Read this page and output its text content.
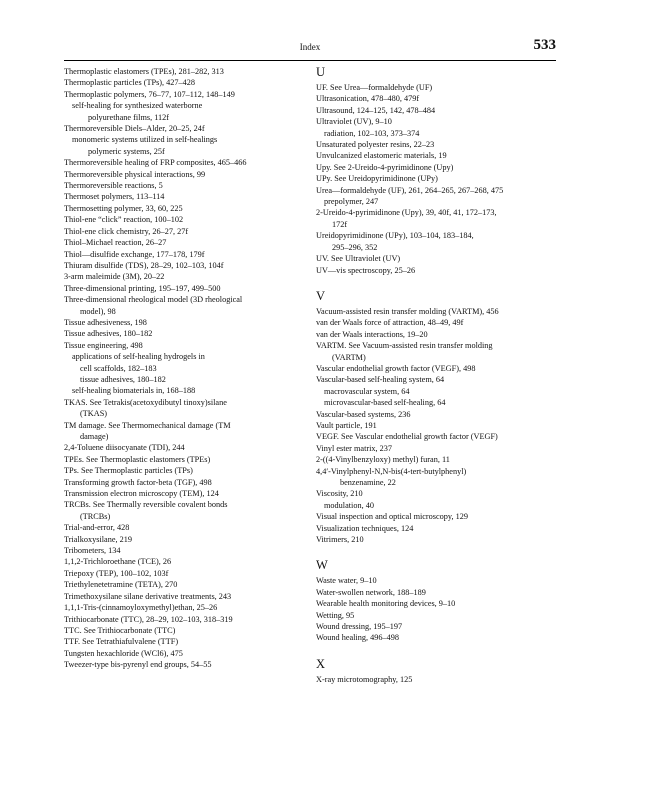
Index	533
Thermoplastic elastomers (TPEs), 281–282, 313
Thermoplastic particles (TPs), 427–428
Thermoplastic polymers, 76–77, 107–112, 148–149
self-healing for synthesized waterborne
polyurethane films, 112f
Thermoreversible Diels–Alder, 20–25, 24f
monomeric systems utilized in self-healings
polymeric systems, 25f
Thermoreversible healing of FRP composites, 465–466
Thermoreversible physical interactions, 99
Thermoreversible reactions, 5
Thermoset polymers, 113–114
Thermosetting polymer, 33, 60, 225
Thiol-ene “click” reaction, 100–102
Thiol-ene click chemistry, 26–27, 27f
Thiol–Michael reaction, 26–27
Thiol—disulfide exchange, 177–178, 179f
Thiuram disulfide (TDS), 28–29, 102–103, 104f
3-arm maleimide (3M), 20–22
Three-dimensional printing, 195–197, 499–500
Three-dimensional rheological model (3D rheological
model), 98
Tissue adhesiveness, 198
Tissue adhesives, 180–182
Tissue engineering, 498
applications of self-healing hydrogels in
cell scaffolds, 182–183
tissue adhesives, 180–182
self-healing biomaterials in, 168–188
TKAS. See Tetrakis(acetoxydibutyl tinoxy)silane
(TKAS)
TM damage. See Thermomechanical damage (TM
damage)
2,4-Toluene diisocyanate (TDI), 244
TPEs. See Thermoplastic elastomers (TPEs)
TPs. See Thermoplastic particles (TPs)
Transforming growth factor-beta (TGF), 498
Transmission electron microscopy (TEM), 124
TRCBs. See Thermally reversible covalent bonds
(TRCBs)
Trial-and-error, 428
Trialkoxysilane, 219
Tribometers, 134
1,1,2-Trichloroethane (TCE), 26
Triepoxy (TEP), 100–102, 103f
Triethylenetetramine (TETA), 270
Trimethoxysilane silane derivative treatments, 243
1,1,1-Tris-(cinnamoyloxymethyl)ethan, 25–26
Trithiocarbonate (TTC), 28–29, 102–103, 318–319
TTC. See Trithiocarbonate (TTC)
TTF. See Tetrathiafulvalene (TTF)
Tungsten hexachloride (WCl6), 475
Tweezer-type bis-pyrenyl end groups, 54–55
U
UF. See Urea—formaldehyde (UF)
Ultrasonication, 478–480, 479f
Ultrasound, 124–125, 142, 478–484
Ultraviolet (UV), 9–10
radiation, 102–103, 373–374
Unsaturated polyester resins, 22–23
Unvulcanized elastomeric materials, 19
Upy. See 2-Ureido-4-pyrimidinone (Upy)
UPy. See Ureidopyrimidinone (UPy)
Urea—formaldehyde (UF), 261, 264–265, 267–268, 475
prepolymer, 247
2-Ureido-4-pyrimidinone (Upy), 39, 40f, 41, 172–173,
172f
Ureidopyrimidinone (UPy), 103–104, 183–184,
295–296, 352
UV. See Ultraviolet (UV)
UV—vis spectroscopy, 25–26
V
Vacuum-assisted resin transfer molding (VARTM), 456
van der Waals force of attraction, 48–49, 49f
van der Waals interactions, 19–20
VARTM. See Vacuum-assisted resin transfer molding
(VARTM)
Vascular endothelial growth factor (VEGF), 498
Vascular-based self-healing system, 64
macrovascular system, 64
microvascular-based self-healing, 64
Vascular-based systems, 236
Vault particle, 191
VEGF. See Vascular endothelial growth factor (VEGF)
Vinyl ester matrix, 237
2-((4-Vinylbenzyloxy) methyl) furan, 11
4,4′-Vinylphenyl-N,N-bis(4-tert-butylphenyl)
benzenamine, 22
Viscosity, 210
modulation, 40
Visual inspection and optical microscopy, 129
Visualization techniques, 124
Vitrimers, 210
W
Waste water, 9–10
Water-swollen network, 188–189
Wearable health monitoring devices, 9–10
Wetting, 95
Wound dressing, 195–197
Wound healing, 496–498
X
X-ray microtomography, 125
